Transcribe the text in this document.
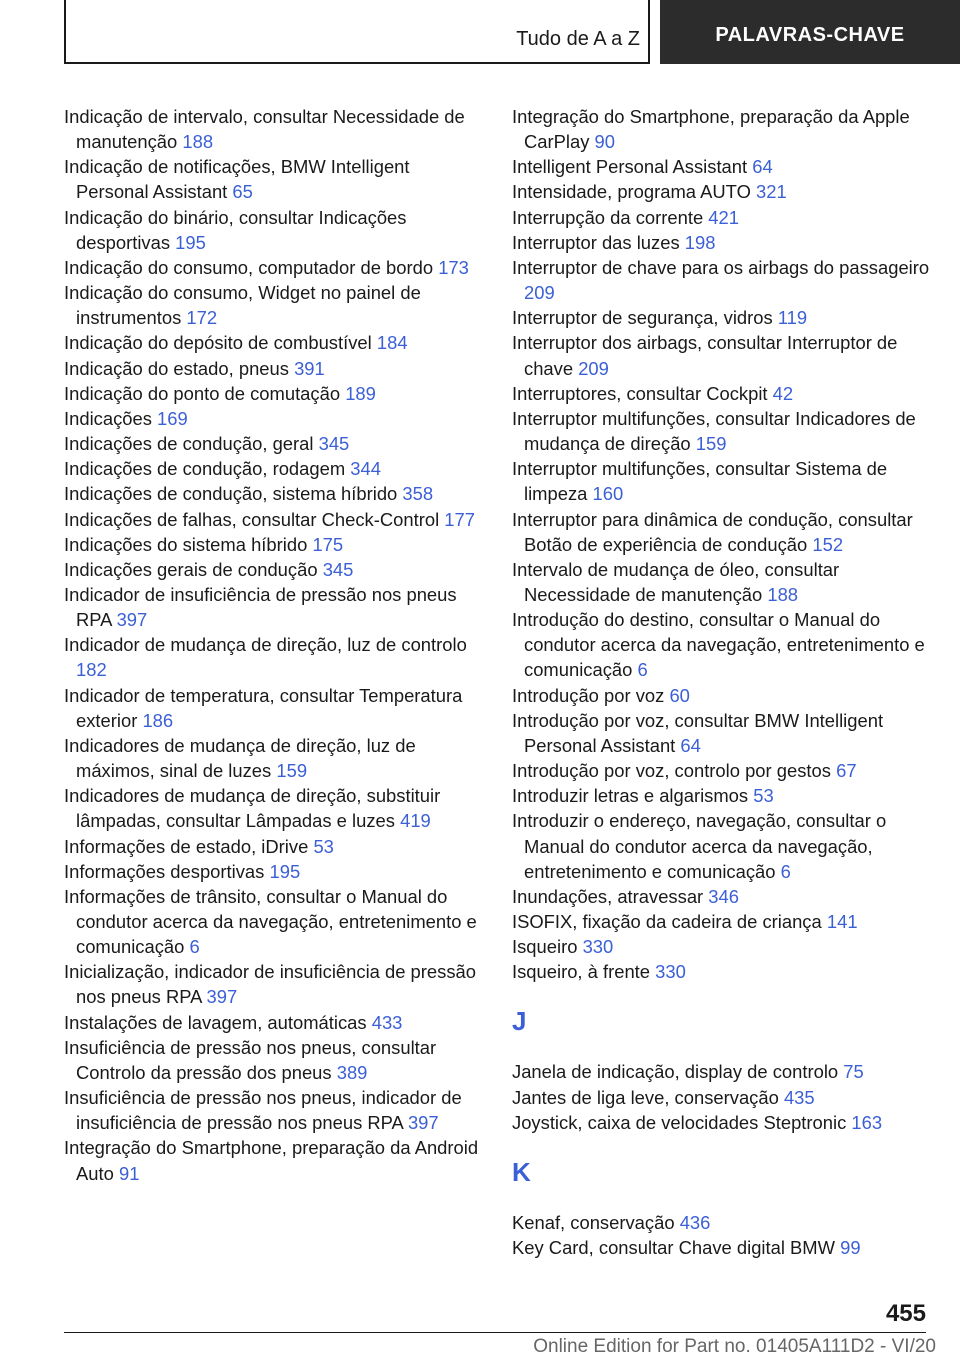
Tudo de A a Z	PALAVRAS-CHAVE
Indicação de intervalo, consultar Necessidade de manutenção 188
Indicação de notificações, BMW Intelligent Personal Assistant 65
Indicação do binário, consultar Indicações desportivas 195
Indicação do consumo, computador de bordo 173
Indicação do consumo, Widget no painel de instrumentos 172
Indicação do depósito de combustível 184
Indicação do estado, pneus 391
Indicação do ponto de comutação 189
Indicações 169
Indicações de condução, geral 345
Indicações de condução, rodagem 344
Indicações de condução, sistema híbrido 358
Indicações de falhas, consultar Check-Control 177
Indicações do sistema híbrido 175
Indicações gerais de condução 345
Indicador de insuficiência de pressão nos pneus RPA 397
Indicador de mudança de direção, luz de controlo 182
Indicador de temperatura, consultar Temperatura exterior 186
Indicadores de mudança de direção, luz de máximos, sinal de luzes 159
Indicadores de mudança de direção, substituir lâmpadas, consultar Lâmpadas e luzes 419
Informações de estado, iDrive 53
Informações desportivas 195
Informações de trânsito, consultar o Manual do condutor acerca da navegação, entretenimento e comunicação 6
Inicialização, indicador de insuficiência de pressão nos pneus RPA 397
Instalações de lavagem, automáticas 433
Insuficiência de pressão nos pneus, consultar Controlo da pressão dos pneus 389
Insuficiência de pressão nos pneus, indicador de insuficiência de pressão nos pneus RPA 397
Integração do Smartphone, preparação da Android Auto 91
Integração do Smartphone, preparação da Apple CarPlay 90
Intelligent Personal Assistant 64
Intensidade, programa AUTO 321
Interrupção da corrente 421
Interruptor das luzes 198
Interruptor de chave para os airbags do passageiro 209
Interruptor de segurança, vidros 119
Interruptor dos airbags, consultar Interruptor de chave 209
Interruptores, consultar Cockpit 42
Interruptor multifunções, consultar Indicadores de mudança de direção 159
Interruptor multifunções, consultar Sistema de limpeza 160
Interruptor para dinâmica de condução, consultar Botão de experiência de condução 152
Intervalo de mudança de óleo, consultar Necessidade de manutenção 188
Introdução do destino, consultar o Manual do condutor acerca da navegação, entretenimento e comunicação 6
Introdução por voz 60
Introdução por voz, consultar BMW Intelligent Personal Assistant 64
Introdução por voz, controlo por gestos 67
Introduzir letras e algarismos 53
Introduzir o endereço, navegação, consultar o Manual do condutor acerca da navegação, entretenimento e comunicação 6
Inundações, atravessar 346
ISOFIX, fixação da cadeira de criança 141
Isqueiro 330
Isqueiro, à frente 330
J
Janela de indicação, display de controlo 75
Jantes de liga leve, conservação 435
Joystick, caixa de velocidades Steptronic 163
K
Kenaf, conservação 436
Key Card, consultar Chave digital BMW 99
455
Online Edition for Part no. 01405A111D2 - VI/20
